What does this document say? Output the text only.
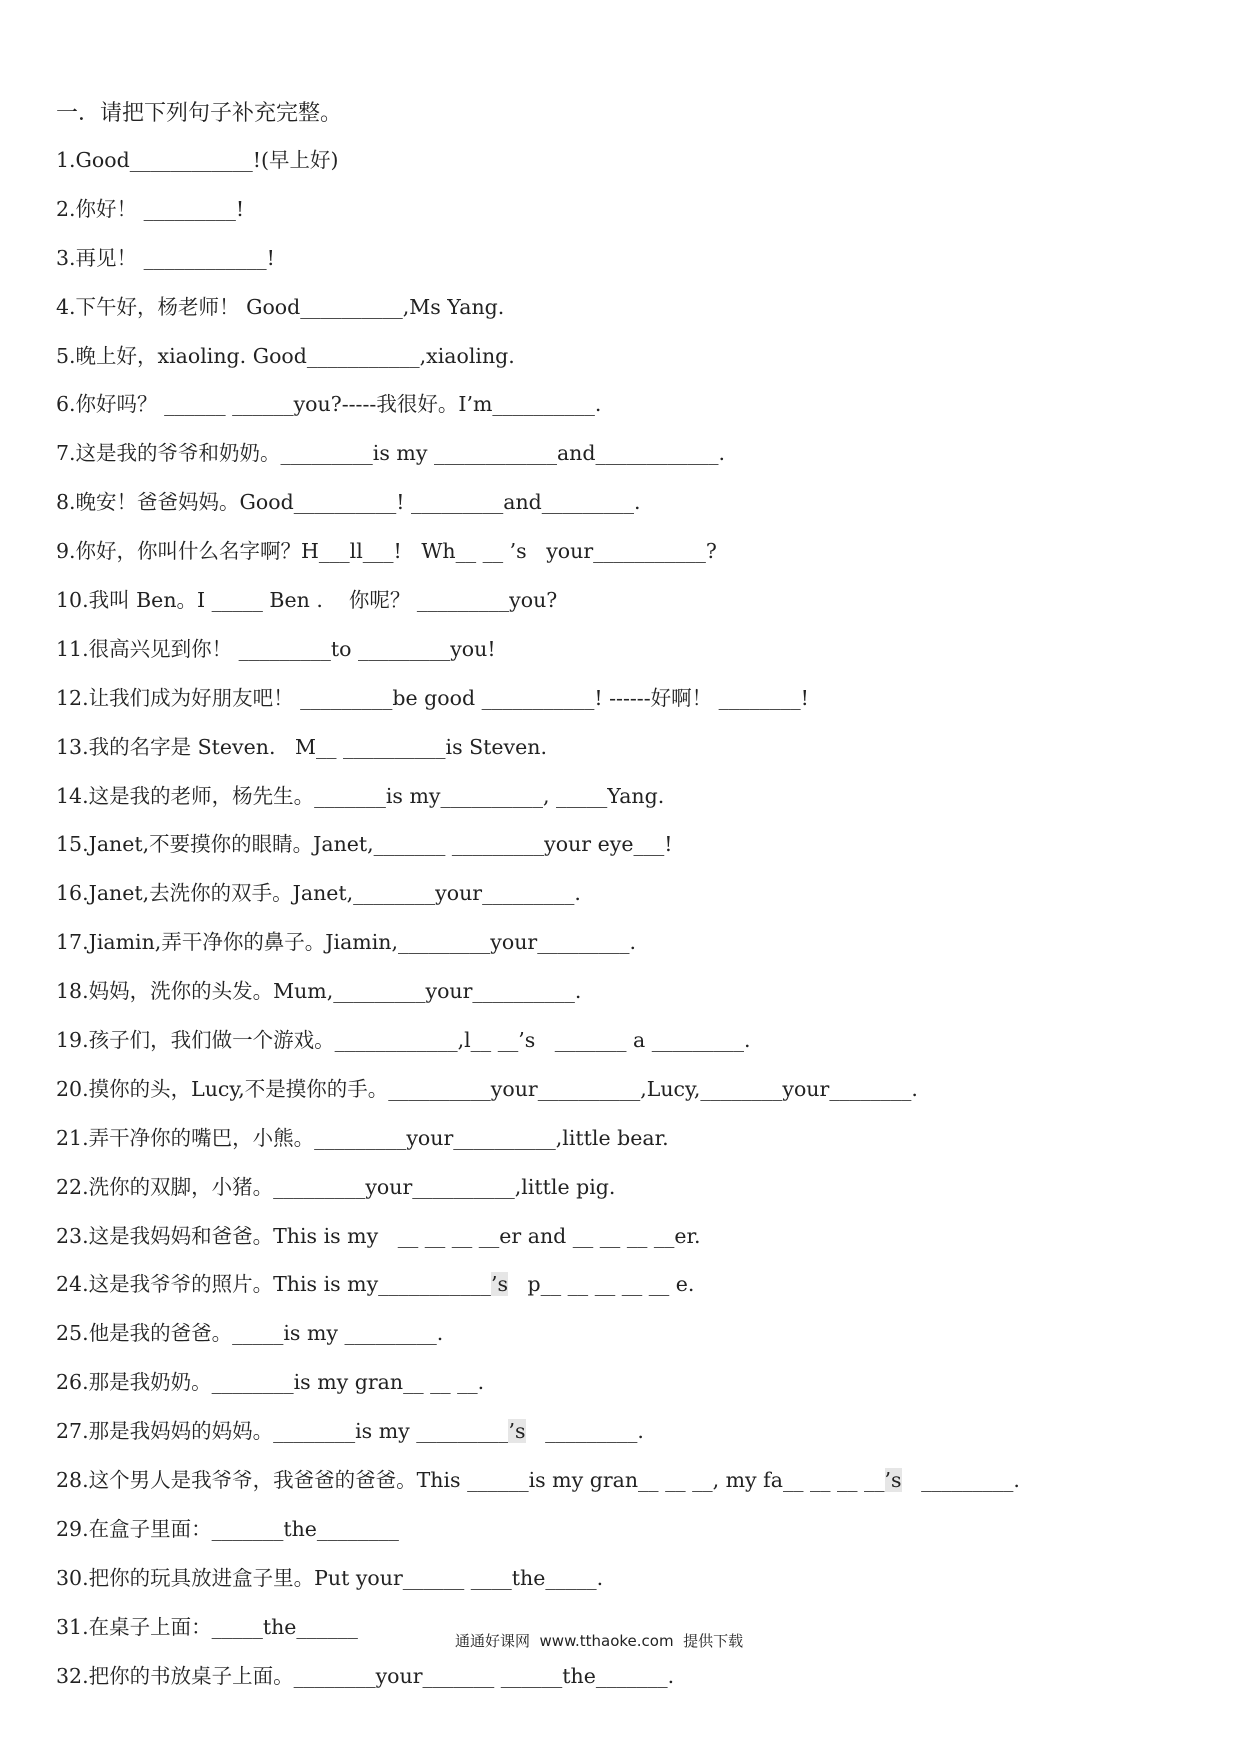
一．请把下列句子补充完整。
1.Good____________!(早上好)
2.你好！ _________!
3.再见！ ____________!
4.下午好，杨老师！ Good__________,Ms Yang.
5.晚上好，xiaoling. Good___________,xiaoling.
6.你好吗？ ______ ______you?-----我很好。I’m__________.
7.这是我的爷爷和奶奶。_________is my ____________and____________.
8.晚安！爸爸妈妈。Good__________! _________and_________.
9.你好，你叫什么名字啊？H___ll___!   Wh__ __ ’s   your___________?
10.我叫 Ben。I _____ Ben .    你呢？ _________you?
11.很高兴见到你！ _________to _________you!
12.让我们成为好朋友吧！ _________be good ___________! ------好啊！ ________!
13.我的名字是 Steven.   M__ __________is Steven.
14.这是我的老师，杨先生。_______is my__________, _____Yang.
15.Janet,不要摸你的眼睛。Janet,_______ _________your eye___!
16.Janet,去洗你的双手。Janet,________your_________.
17.Jiamin,弄干净你的鼻子。Jiamin,_________your_________.
18.妈妈，洗你的头发。Mum,_________your__________.
19.孩子们，我们做一个游戏。____________,l__ __’s   _______ a _________.
20.摸你的头，Lucy,不是摸你的手。__________your__________,Lucy,________your________.
21.弄干净你的嘴巴，小熊。_________your__________,little bear.
22.洗你的双脚，小猪。_________your__________,little pig.
23.这是我妈妈和爸爸。This is my   __ __ __ __er and __ __ __ __er.
24.这是我爷爷的照片。This is my___________’s   p__ __ __ __ __ e.
25.他是我的爸爸。_____is my _________.
26.那是我奶奶。________is my gran__ __ __.
27.那是我妈妈的妈妈。________is my _________’s   _________.
28.这个男人是我爷爷，我爸爸的爸爸。This ______is my gran__ __ __, my fa__ __ __ __’s   _________.
29.在盒子里面：_______the________
30.把你的玩具放进盒子里。Put your______ ____the_____.
31.在桌子上面：_____the______
32.把你的书放桌子上面。________your_______ ______the_______.
通通好课网  www.tthaoke.com  提供下载
